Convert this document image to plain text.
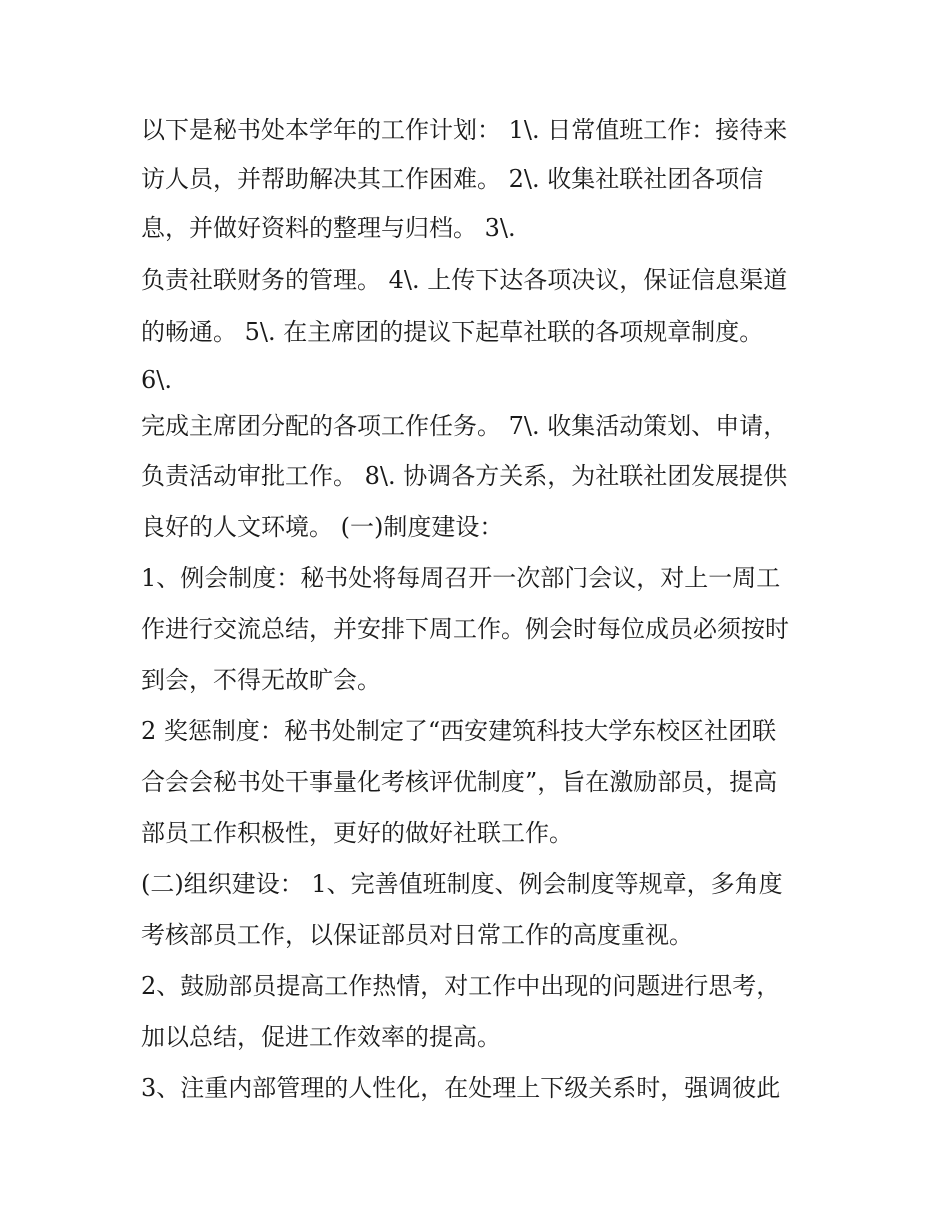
以下是秘书处本学年的工作计划： 1\. 日常值班工作：接待来
访人员，并帮助解决其工作困难。 2\. 收集社联社团各项信
息，并做好资料的整理与归档。 3\.
负责社联财务的管理。 4\. 上传下达各项决议，保证信息渠道
的畅通。 5\. 在主席团的提议下起草社联的各项规章制度。
6\.
完成主席团分配的各项工作任务。 7\. 收集活动策划、申请，
负责活动审批工作。 8\. 协调各方关系，为社联社团发展提供
良好的人文环境。 (一)制度建设：
1、例会制度：秘书处将每周召开一次部门会议，对上一周工
作进行交流总结，并安排下周工作。例会时每位成员必须按时
到会，不得无故旷会。
2 奖惩制度：秘书处制定了“西安建筑科技大学东校区社团联
合会会秘书处干事量化考核评优制度”，旨在激励部员，提高
部员工作积极性，更好的做好社联工作。
(二)组织建设： 1、完善值班制度、例会制度等规章，多角度
考核部员工作，以保证部员对日常工作的高度重视。
2、鼓励部员提高工作热情，对工作中出现的问题进行思考，
加以总结，促进工作效率的提高。
3、注重内部管理的人性化，在处理上下级关系时，强调彼此
